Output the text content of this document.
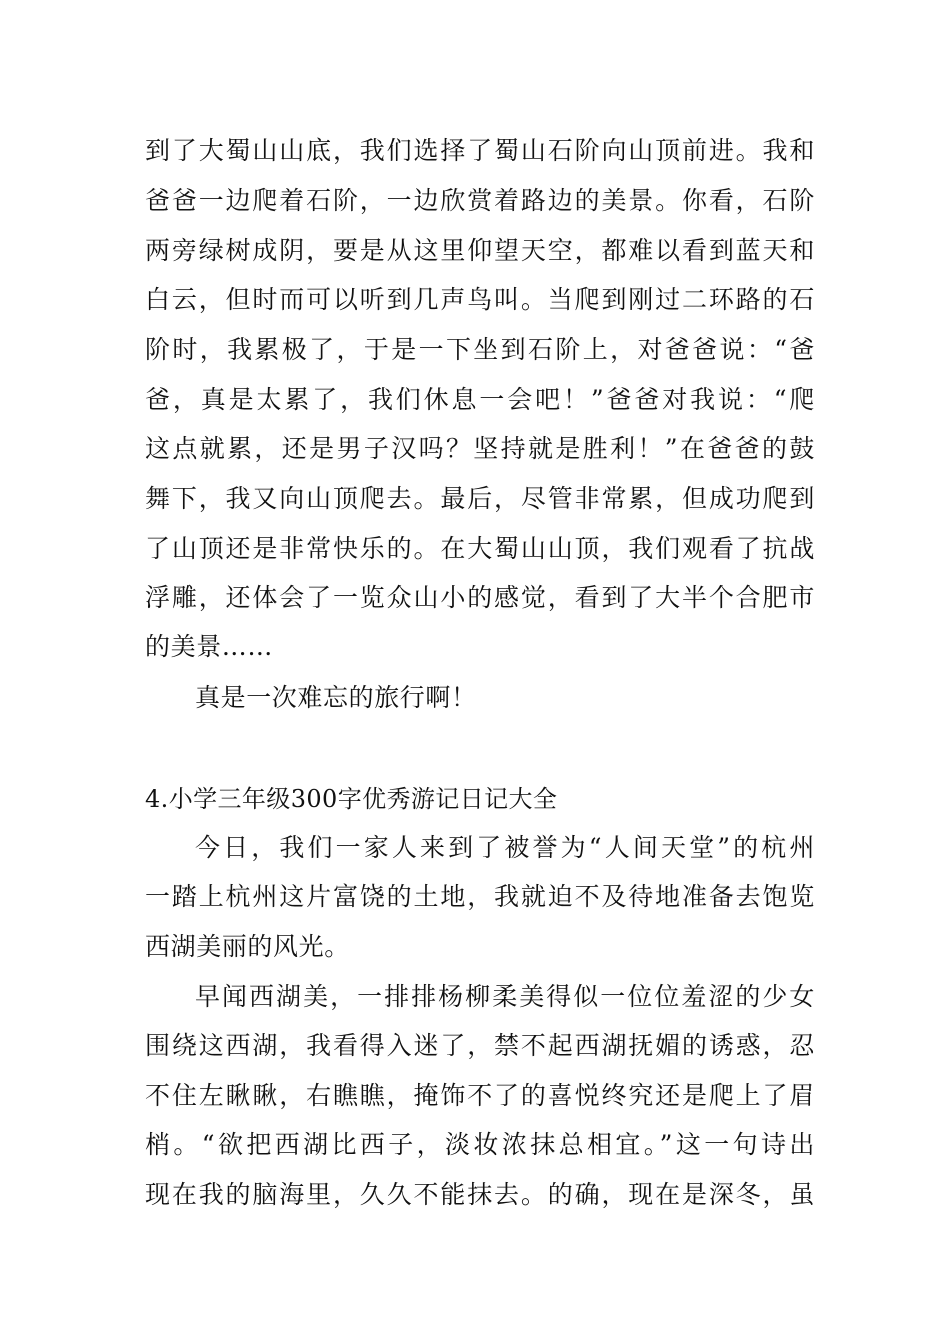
到了大蜀山山底，我们选择了蜀山石阶向山顶前进。我和
爸爸一边爬着石阶，一边欣赏着路边的美景。你看，石阶
两旁绿树成阴，要是从这里仰望天空，都难以看到蓝天和
白云，但时而可以听到几声鸟叫。当爬到刚过二环路的石
阶时，我累极了，于是一下坐到石阶上，对爸爸说：“爸
爸，真是太累了，我们休息一会吧！”爸爸对我说：“爬
这点就累，还是男子汉吗？坚持就是胜利！”在爸爸的鼓
舞下，我又向山顶爬去。最后，尽管非常累，但成功爬到
了山顶还是非常快乐的。在大蜀山山顶，我们观看了抗战
浮雕，还体会了一览众山小的感觉，看到了大半个合肥市
的美景……
真是一次难忘的旅行啊！
4.小学三年级300字优秀游记日记大全
今日，我们一家人来到了被誉为“人间天堂”的杭州
一踏上杭州这片富饶的土地，我就迫不及待地准备去饱览
西湖美丽的风光。
早闻西湖美，一排排杨柳柔美得似一位位羞涩的少女
围绕这西湖，我看得入迷了，禁不起西湖抚媚的诱惑，忍
不住左瞅瞅，右瞧瞧，掩饰不了的喜悦终究还是爬上了眉
梢。“欲把西湖比西子，淡妆浓抹总相宜。”这一句诗出
现在我的脑海里，久久不能抹去。的确，现在是深冬，虽
